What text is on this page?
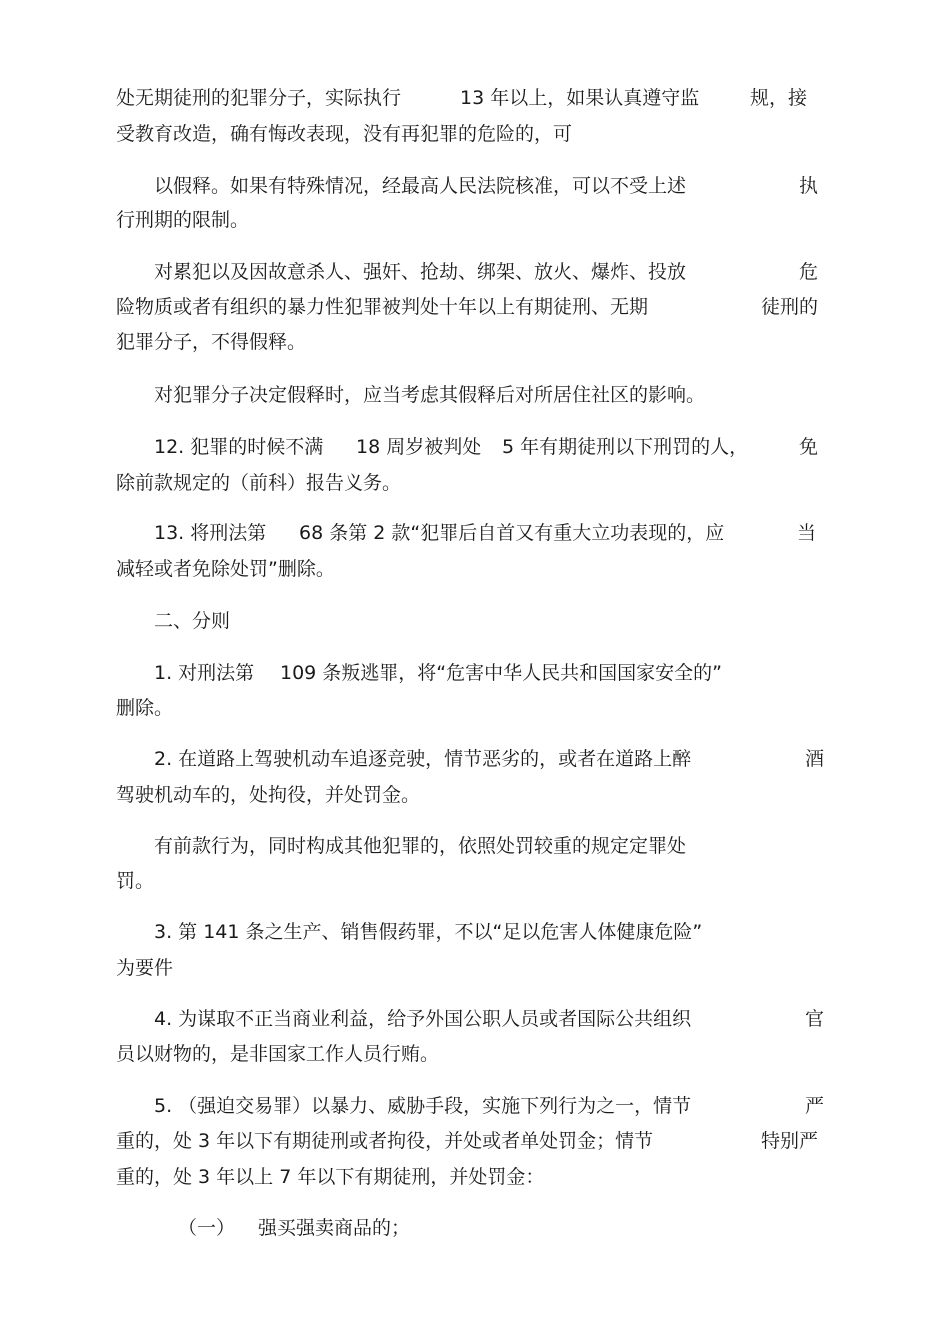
处无期徒刑的犯罪分子，实际执行	13 年以上，如果认真遵守监	规，接
受教育改造，确有悔改表现，没有再犯罪的危险的，可
以假释。如果有特殊情况，经最高人民法院核准，可以不受上述	执
行刑期的限制。
对累犯以及因故意杀人、强奸、抢劫、绑架、放火、爆炸、投放	危
险物质或者有组织的暴力性犯罪被判处十年以上有期徒刑、无期	徒刑的
犯罪分子，不得假释。
对犯罪分子决定假释时，应当考虑其假释后对所居住社区的影响。
12. 犯罪的时候不满 18 周岁被判处 5 年有期徒刑以下刑罚的人，	免
除前款规定的（前科）报告义务。
13. 将刑法第 68 条第 2 款“犯罪后自首又有重大立功表现的，应	当
减轻或者免除处罚”删除。
二、分则
1. 对刑法第 109 条叛逃罪，将“危害中华人民共和国国家安全的”
删除。
2. 在道路上驾驶机动车追逐竞驶，情节恶劣的，或者在道路上醉	酒
驾驶机动车的，处拘役，并处罚金。
有前款行为，同时构成其他犯罪的，依照处罚较重的规定定罪处
罚。
3. 第 141 条之生产、销售假药罪，不以“足以危害人体健康危险”
为要件
4. 为谋取不正当商业利益，给予外国公职人员或者国际公共组织	官
员以财物的，是非国家工作人员行贿。
5. （强迫交易罪）以暴力、威胁手段，实施下列行为之一，情节	严
重的，处 3 年以下有期徒刑或者拘役，并处或者单处罚金；情节	特别严
重的，处 3 年以上 7 年以下有期徒刑，并处罚金：
（一） 强买强卖商品的；
